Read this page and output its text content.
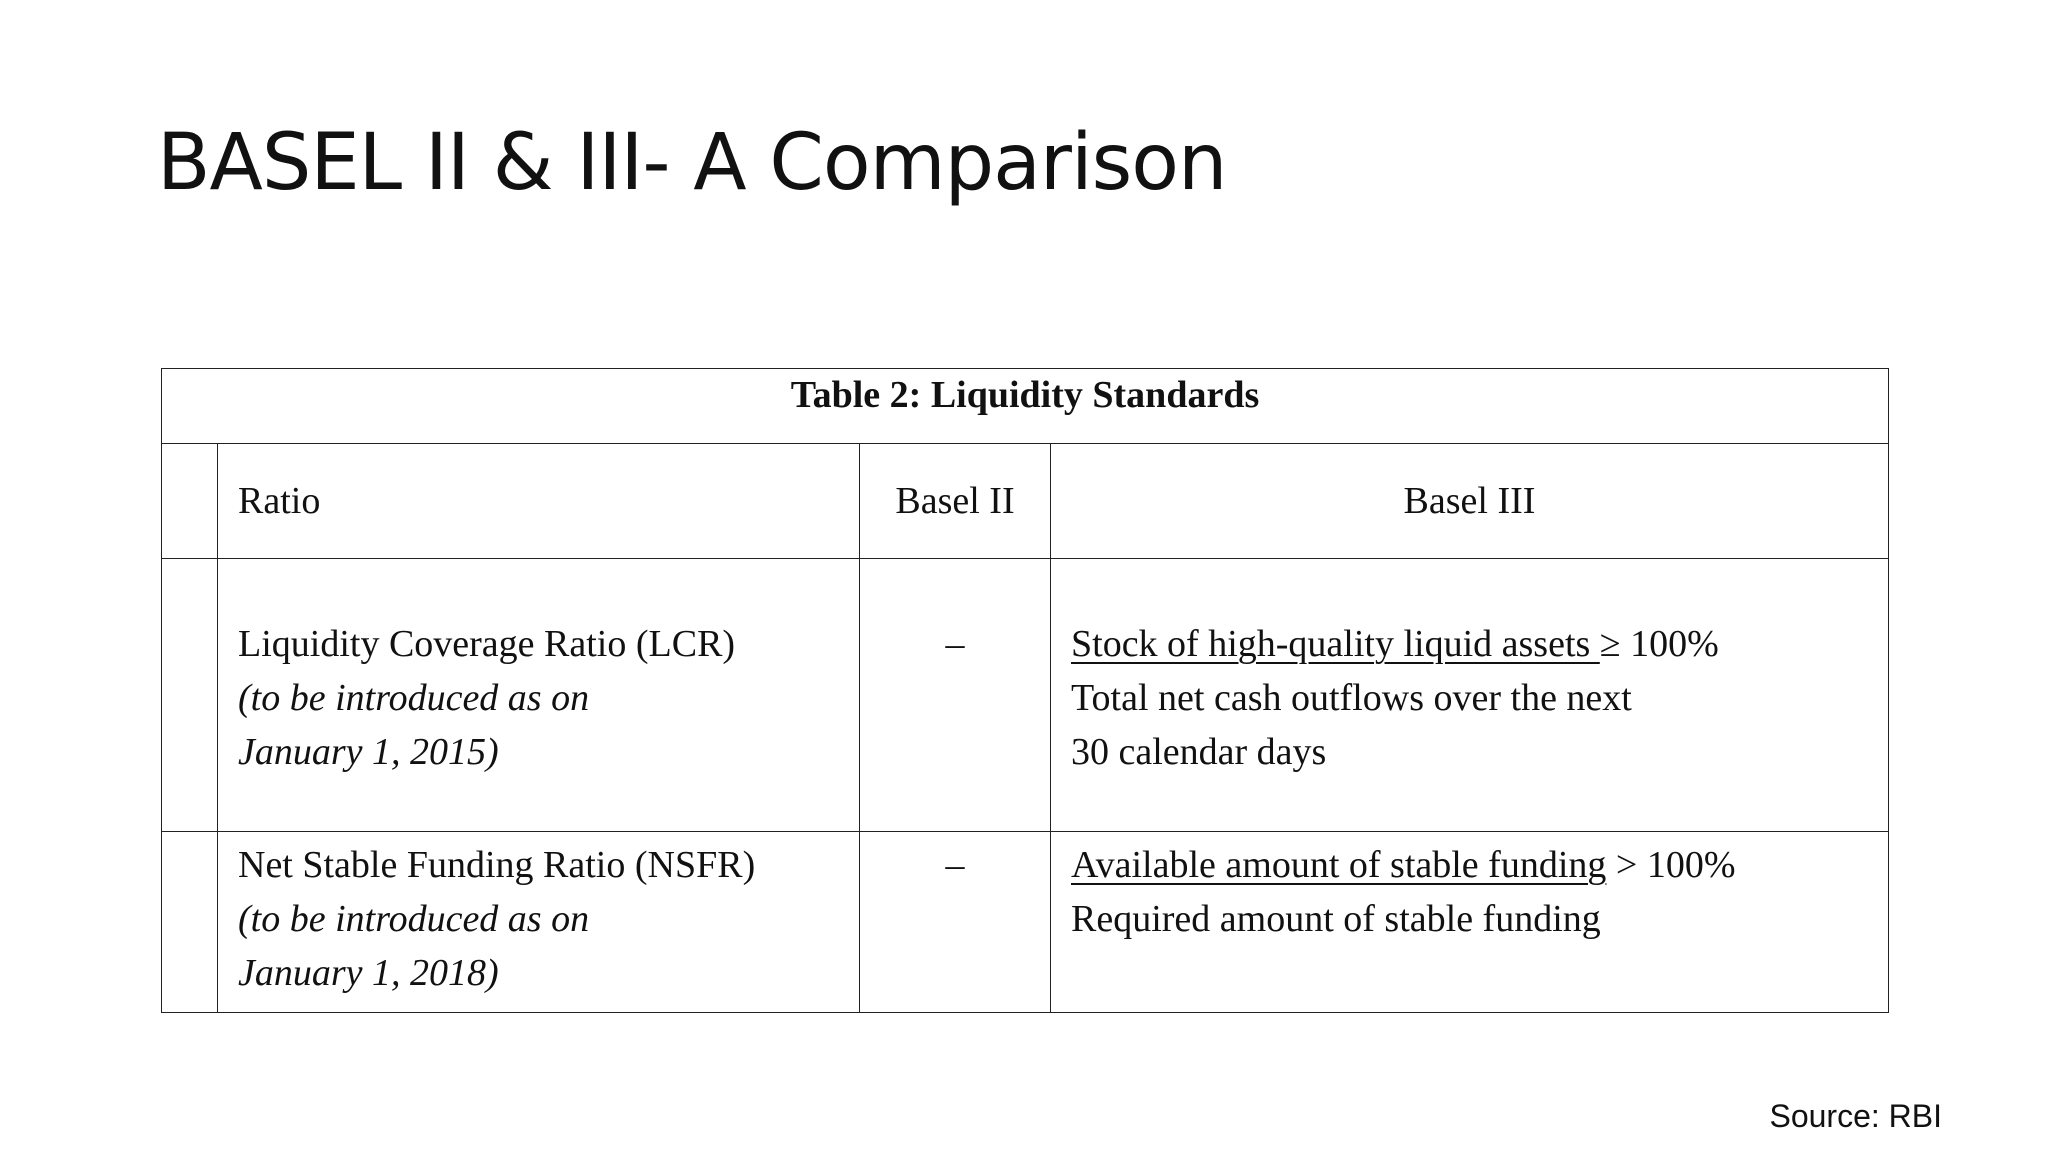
BASEL II & III- A Comparison
Table 2: Liquidity Standards			
	Ratio	Basel II	Basel III

	Liquidity Coverage Ratio (LCR)
(to be introduced as on
January 1, 2015)	–	Stock of high-quality liquid assets ≥ 100%
Total net cash outflows over the next
30 calendar days

	Net Stable Funding Ratio (NSFR)
(to be introduced as on
January 1, 2018)	–	Available amount of stable funding > 100%
Required amount of stable funding
Source: RBI
